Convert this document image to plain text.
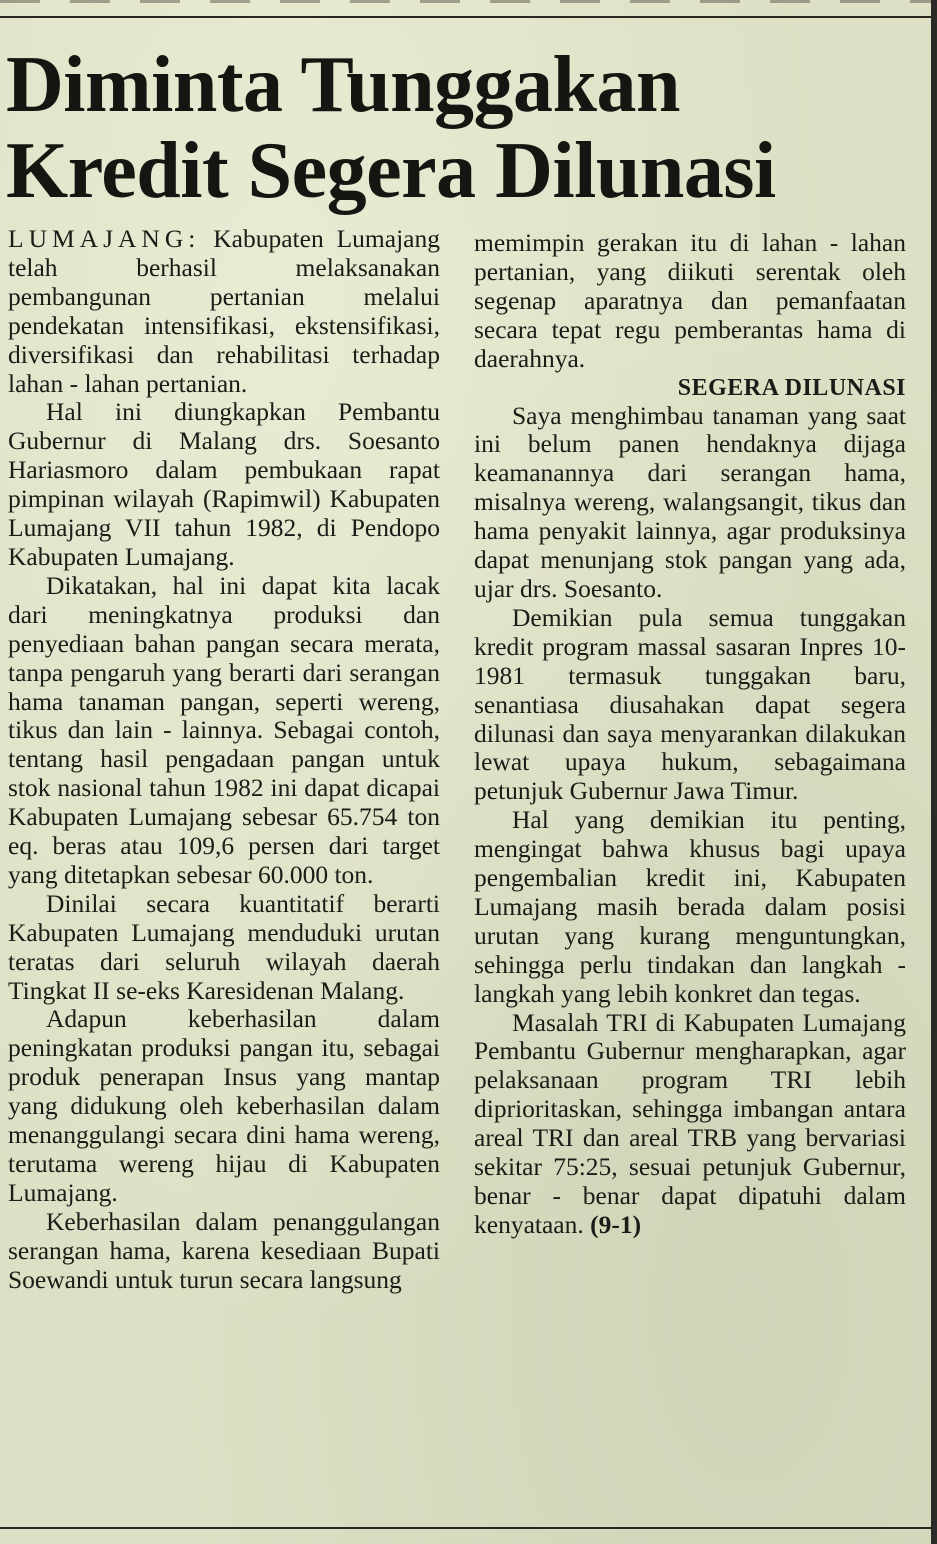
Diminta Tunggakan
Kredit Segera Dilunasi

LUMAJANG: Kabupaten Lumajang telah berhasil melaksanakan pembangunan pertanian melalui pendekatan intensifikasi, ekstensifikasi, diversifikasi dan rehabilitasi terhadap lahan - lahan pertanian.

Hal ini diungkapkan Pembantu Gubernur di Malang drs. Soesanto Hariasmoro dalam pembukaan rapat pimpinan wilayah (Rapimwil) Kabupaten Lumajang VII tahun 1982, di Pendopo Kabupaten Lumajang.

Dikatakan, hal ini dapat kita lacak dari meningkatnya produksi dan penyediaan bahan pangan secara merata, tanpa pengaruh yang berarti dari serangan hama tanaman pangan, seperti wereng, tikus dan lain - lainnya. Sebagai contoh, tentang hasil pengadaan pangan untuk stok nasional tahun 1982 ini dapat dicapai Kabupaten Lumajang sebesar 65.754 ton eq. beras atau 109,6 persen dari target yang ditetapkan sebesar 60.000 ton.

Dinilai secara kuantitatif berarti Kabupaten Lumajang menduduki urutan teratas dari seluruh wilayah daerah Tingkat II se-eks Karesidenan Malang.

Adapun keberhasilan dalam peningkatan produksi pangan itu, sebagai produk penerapan Insus yang mantap yang didukung oleh keberhasilan dalam menanggulangi secara dini hama wereng, terutama wereng hijau di Kabupaten Lumajang.

Keberhasilan dalam penanggulangan serangan hama, karena kesediaan Bupati Soewandi untuk turun secara langsung

memimpin gerakan itu di lahan - lahan pertanian, yang diikuti serentak oleh segenap aparatnya dan pemanfaatan secara tepat regu pemberantas hama di daerahnya.

SEGERA DILUNASI

Saya menghimbau tanaman yang saat ini belum panen hendaknya dijaga keamanannya dari serangan hama, misalnya wereng, walangsangit, tikus dan hama penyakit lainnya, agar produksinya dapat menunjang stok pangan yang ada, ujar drs. Soesanto.

Demikian pula semua tunggakan kredit program massal sasaran Inpres 10-1981 termasuk tunggakan baru, senantiasa diusahakan dapat segera dilunasi dan saya menyarankan dilakukan lewat upaya hukum, sebagaimana petunjuk Gubernur Jawa Timur.

Hal yang demikian itu penting, mengingat bahwa khusus bagi upaya pengembalian kredit ini, Kabupaten Lumajang masih berada dalam posisi urutan yang kurang menguntungkan, sehingga perlu tindakan dan langkah - langkah yang lebih konkret dan tegas.

Masalah TRI di Kabupaten Lumajang Pembantu Gubernur mengharapkan, agar pelaksanaan program TRI lebih diprioritaskan, sehingga imbangan antara areal TRI dan areal TRB yang bervariasi sekitar 75:25, sesuai petunjuk Gubernur, benar - benar dapat dipatuhi dalam kenyataan. (9-1)
